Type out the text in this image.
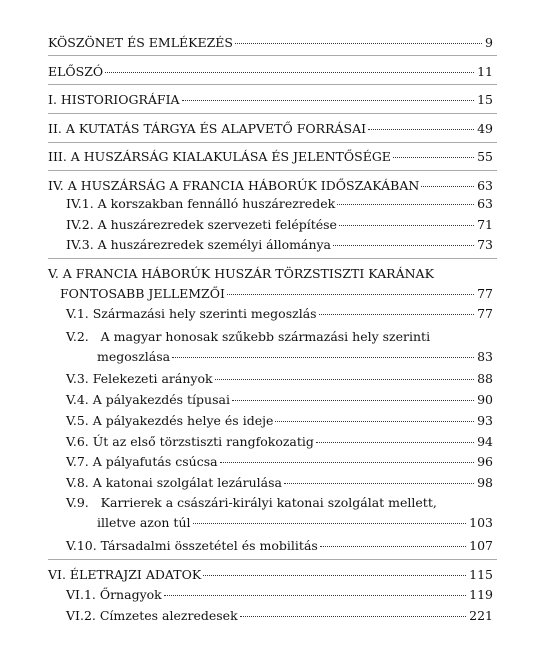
KÖSZÖNET ÉS EMLÉKEZÉS	9
ELŐSZÓ	11
I. HISTORIOGRÁFIA	15
II. A KUTATÁS TÁRGYA ÉS ALAPVETŐ FORRÁSAI	49
III. A HUSZÁRSÁG KIALAKULÁSA ÉS JELENTŐSÉGE	55
IV. A HUSZÁRSÁG A FRANCIA HÁBORÚK IDŐSZAKÁBAN	63
IV.1. A korszakban fennálló huszárezredek	63
IV.2. A huszárezredek szervezeti felépítése	71
IV.3. A huszárezredek személyi állománya	73
V. A FRANCIA HÁBORÚK HUSZÁR TÖRZSTISZTI KARÁNAK
FONTOSABB JELLEMZŐI	77
V.1. Származási hely szerinti megoszlás	77
V.2.   A magyar honosak szűkebb származási hely szerinti
megoszlása	83
V.3. Felekezeti arányok	88
V.4. A pályakezdés típusai	90
V.5. A pályakezdés helye és ideje	93
V.6. Út az első törzstiszti rangfokozatig	94
V.7. A pályafutás csúcsa	96
V.8. A katonai szolgálat lezárulása	98
V.9.   Karrierek a császári-királyi katonai szolgálat mellett,
illetve azon túl	103
V.10. Társadalmi összetétel és mobilitás	107
VI. ÉLETRAJZI ADATOK	115
VI.1. Őrnagyok	119
VI.2. Címzetes alezredesek	221
